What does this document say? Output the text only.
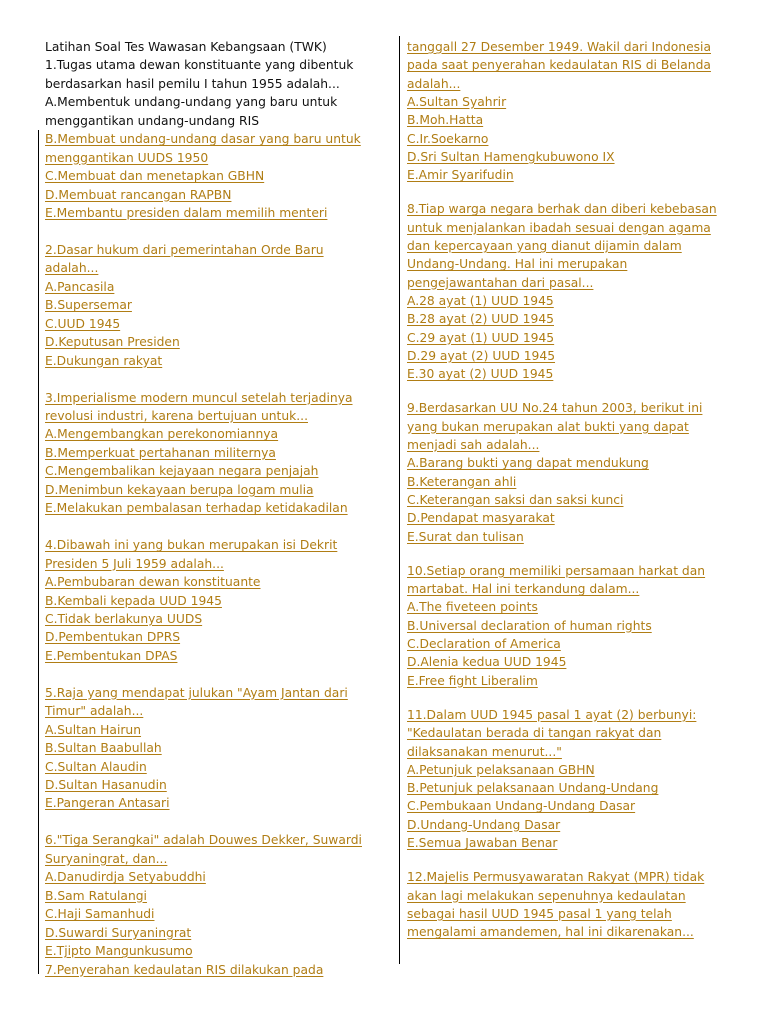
Latihan Soal Tes Wawasan Kebangsaan (TWK)
1.Tugas utama dewan konstituante yang dibentuk
berdasarkan hasil pemilu I tahun 1955 adalah...
A.Membentuk undang-undang yang baru untuk
menggantikan undang-undang RIS
B.Membuat undang-undang dasar yang baru untuk
menggantikan UUDS 1950
C.Membuat dan menetapkan GBHN
D.Membuat rancangan RAPBN
E.Membantu presiden dalam memilih menteri
2.Dasar hukum dari pemerintahan Orde Baru
adalah...
A.Pancasila
B.Supersemar
C.UUD 1945
D.Keputusan Presiden
E.Dukungan rakyat
3.Imperialisme modern muncul setelah terjadinya
revolusi industri, karena bertujuan untuk...
A.Mengembangkan perekonomiannya
B.Memperkuat pertahanan militernya
C.Mengembalikan kejayaan negara penjajah
D.Menimbun kekayaan berupa logam mulia
E.Melakukan pembalasan terhadap ketidakadilan
4.Dibawah ini yang bukan merupakan isi Dekrit
Presiden 5 Juli 1959 adalah...
A.Pembubaran dewan konstituante
B.Kembali kepada UUD 1945
C.Tidak berlakunya UUDS
D.Pembentukan DPRS
E.Pembentukan DPAS
5.Raja yang mendapat julukan "Ayam Jantan dari
Timur" adalah...
A.Sultan Hairun
B.Sultan Baabullah
C.Sultan Alaudin
D.Sultan Hasanudin
E.Pangeran Antasari
6."Tiga Serangkai" adalah Douwes Dekker, Suwardi
Suryaningrat, dan...
A.Danudirdja Setyabuddhi
B.Sam Ratulangi
C.Haji Samanhudi
D.Suwardi Suryaningrat
E.Tjipto Mangunkusumo
7.Penyerahan kedaulatan RIS dilakukan pada
tanggall 27 Desember 1949. Wakil dari Indonesia
pada saat penyerahan kedaulatan RIS di Belanda
adalah...
A.Sultan Syahrir
B.Moh.Hatta
C.Ir.Soekarno
D.Sri Sultan Hamengkubuwono IX
E.Amir Syarifudin
8.Tiap warga negara berhak dan diberi kebebasan
untuk menjalankan ibadah sesuai dengan agama
dan kepercayaan yang dianut dijamin dalam
Undang-Undang. Hal ini merupakan
pengejawantahan dari pasal...
A.28 ayat (1) UUD 1945
B.28 ayat (2) UUD 1945
C.29 ayat (1) UUD 1945
D.29 ayat (2) UUD 1945
E.30 ayat (2) UUD 1945
9.Berdasarkan UU No.24 tahun 2003, berikut ini
yang bukan merupakan alat bukti yang dapat
menjadi sah adalah...
A.Barang bukti yang dapat mendukung
B.Keterangan ahli
C.Keterangan saksi dan saksi kunci
D.Pendapat masyarakat
E.Surat dan tulisan
10.Setiap orang memiliki persamaan harkat dan
martabat. Hal ini terkandung dalam...
A.The fiveteen points
B.Universal declaration of human rights
C.Declaration of America
D.Alenia kedua UUD 1945
E.Free fight Liberalim
11.Dalam UUD 1945 pasal 1 ayat (2) berbunyi:
"Kedaulatan berada di tangan rakyat dan
dilaksanakan menurut..."
A.Petunjuk pelaksanaan GBHN
B.Petunjuk pelaksanaan Undang-Undang
C.Pembukaan Undang-Undang Dasar
D.Undang-Undang Dasar
E.Semua Jawaban Benar
12.Majelis Permusyawaratan Rakyat (MPR) tidak
akan lagi melakukan sepenuhnya kedaulatan
sebagai hasil UUD 1945 pasal 1 yang telah
mengalami amandemen, hal ini dikarenakan...
